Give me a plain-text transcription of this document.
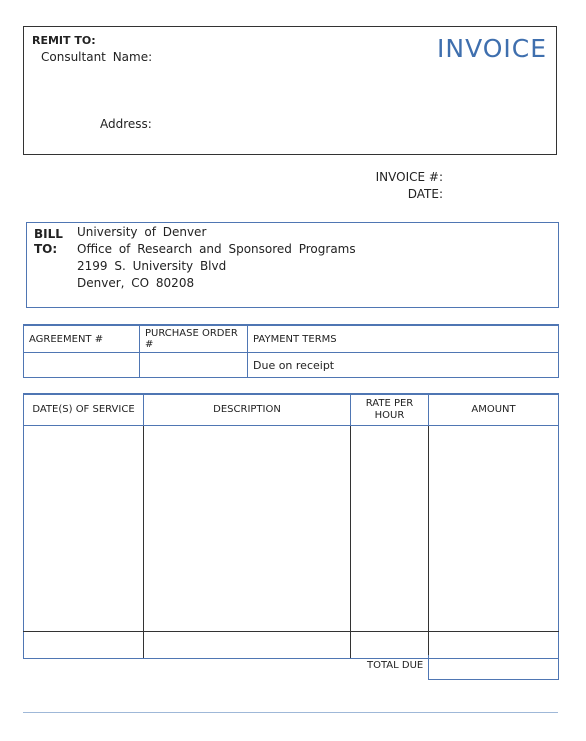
REMIT TO:
Consultant Name:
Address:
INVOICE
INVOICE #:
DATE:
BILL TO:
University of Denver
Office of Research and Sponsored Programs
2199 S. University Blvd
Denver, CO 80208
AGREEMENT #	PURCHASE ORDER #	PAYMENT TERMS
		Due on receipt
DATE(S) OF SERVICE	DESCRIPTION	RATE PER HOUR	AMOUNT

TOTAL DUE
